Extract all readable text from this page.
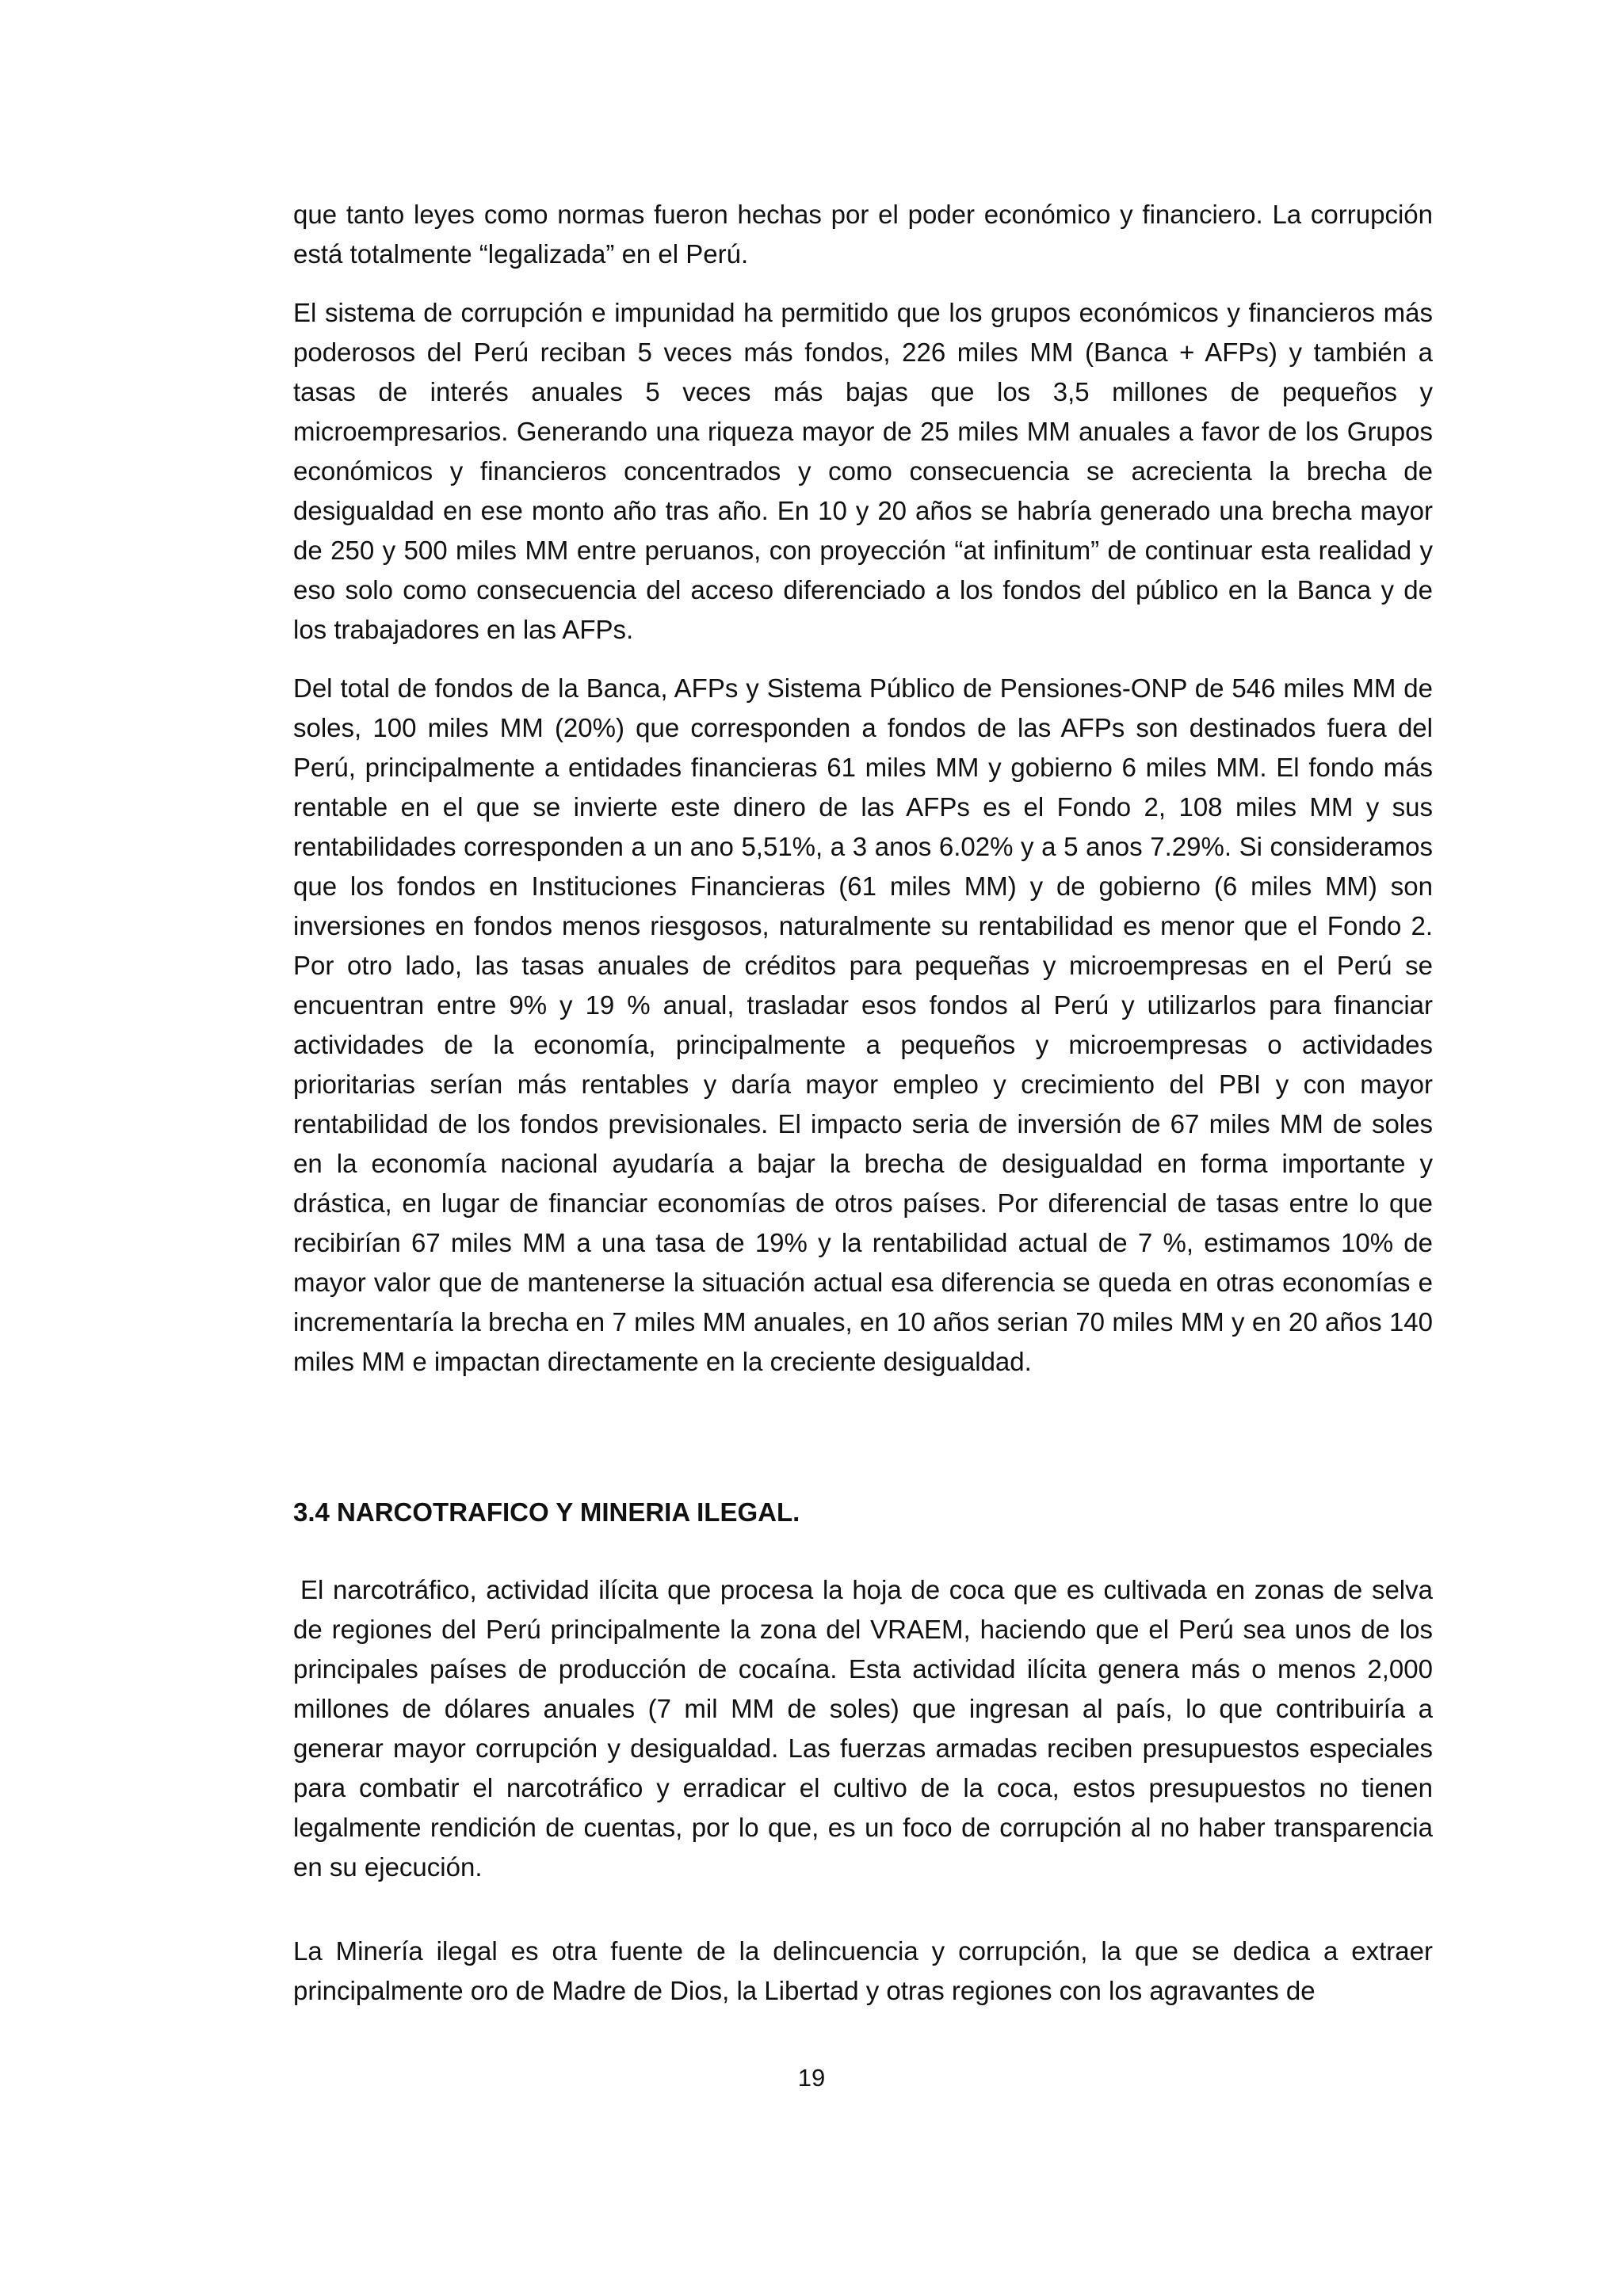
que tanto leyes como normas fueron hechas por el poder económico y financiero. La corrupción está totalmente “legalizada” en el Perú.

El sistema de corrupción e impunidad ha permitido que los grupos económicos y financieros más poderosos del Perú reciban 5 veces más fondos, 226 miles MM (Banca + AFPs) y también a tasas de interés anuales 5 veces más bajas que los 3,5 millones de pequeños y microempresarios. Generando una riqueza mayor de 25 miles MM anuales a favor de los Grupos económicos y financieros concentrados y como consecuencia se acrecienta la brecha de desigualdad en ese monto año tras año. En 10 y 20 años se habría generado una brecha mayor de 250 y 500 miles MM entre peruanos, con proyección “at infinitum” de continuar esta realidad y eso solo como consecuencia del acceso diferenciado a los fondos del público en la Banca y de los trabajadores en las AFPs.

Del total de fondos de la Banca, AFPs y Sistema Público de Pensiones-ONP de 546 miles MM de soles, 100 miles MM (20%) que corresponden a fondos de las AFPs son destinados fuera del Perú, principalmente a entidades financieras 61 miles MM y gobierno 6 miles MM. El fondo más rentable en el que se invierte este dinero de las AFPs es el Fondo 2, 108 miles MM y sus rentabilidades corresponden a un ano 5,51%, a 3 anos 6.02% y a 5 anos 7.29%. Si consideramos que los fondos en Instituciones Financieras (61 miles MM) y de gobierno (6 miles MM) son inversiones en fondos menos riesgosos, naturalmente su rentabilidad es menor que el Fondo 2. Por otro lado, las tasas anuales de créditos para pequeñas y microempresas en el Perú se encuentran entre 9% y 19 % anual, trasladar esos fondos al Perú y utilizarlos para financiar actividades de la economía, principalmente a pequeños y microempresas o actividades prioritarias serían más rentables y daría mayor empleo y crecimiento del PBI y con mayor rentabilidad de los fondos previsionales. El impacto seria de inversión de 67 miles MM de soles en la economía nacional ayudaría a bajar la brecha de desigualdad en forma importante y drástica, en lugar de financiar economías de otros países. Por diferencial de tasas entre lo que recibirían 67 miles MM a una tasa de 19% y la rentabilidad actual de 7 %, estimamos 10% de mayor valor que de mantenerse la situación actual esa diferencia se queda en otras economías e incrementaría la brecha en 7 miles MM anuales, en 10 años serian 70 miles MM y en 20 años 140 miles MM e impactan directamente en la creciente desigualdad.

3.4 NARCOTRAFICO Y MINERIA ILEGAL.

El narcotráfico, actividad ilícita que procesa la hoja de coca que es cultivada en zonas de selva de regiones del Perú principalmente la zona del VRAEM, haciendo que el Perú sea unos de los principales países de producción de cocaína. Esta actividad ilícita genera más o menos 2,000 millones de dólares anuales (7 mil MM de soles) que ingresan al país, lo que contribuiría a generar mayor corrupción y desigualdad. Las fuerzas armadas reciben presupuestos especiales para combatir el narcotráfico y erradicar el cultivo de la coca, estos presupuestos no tienen legalmente rendición de cuentas, por lo que, es un foco de corrupción al no haber transparencia en su ejecución.

La Minería ilegal es otra fuente de la delincuencia y corrupción, la que se dedica a extraer principalmente oro de Madre de Dios, la Libertad y otras regiones con los agravantes de

19
